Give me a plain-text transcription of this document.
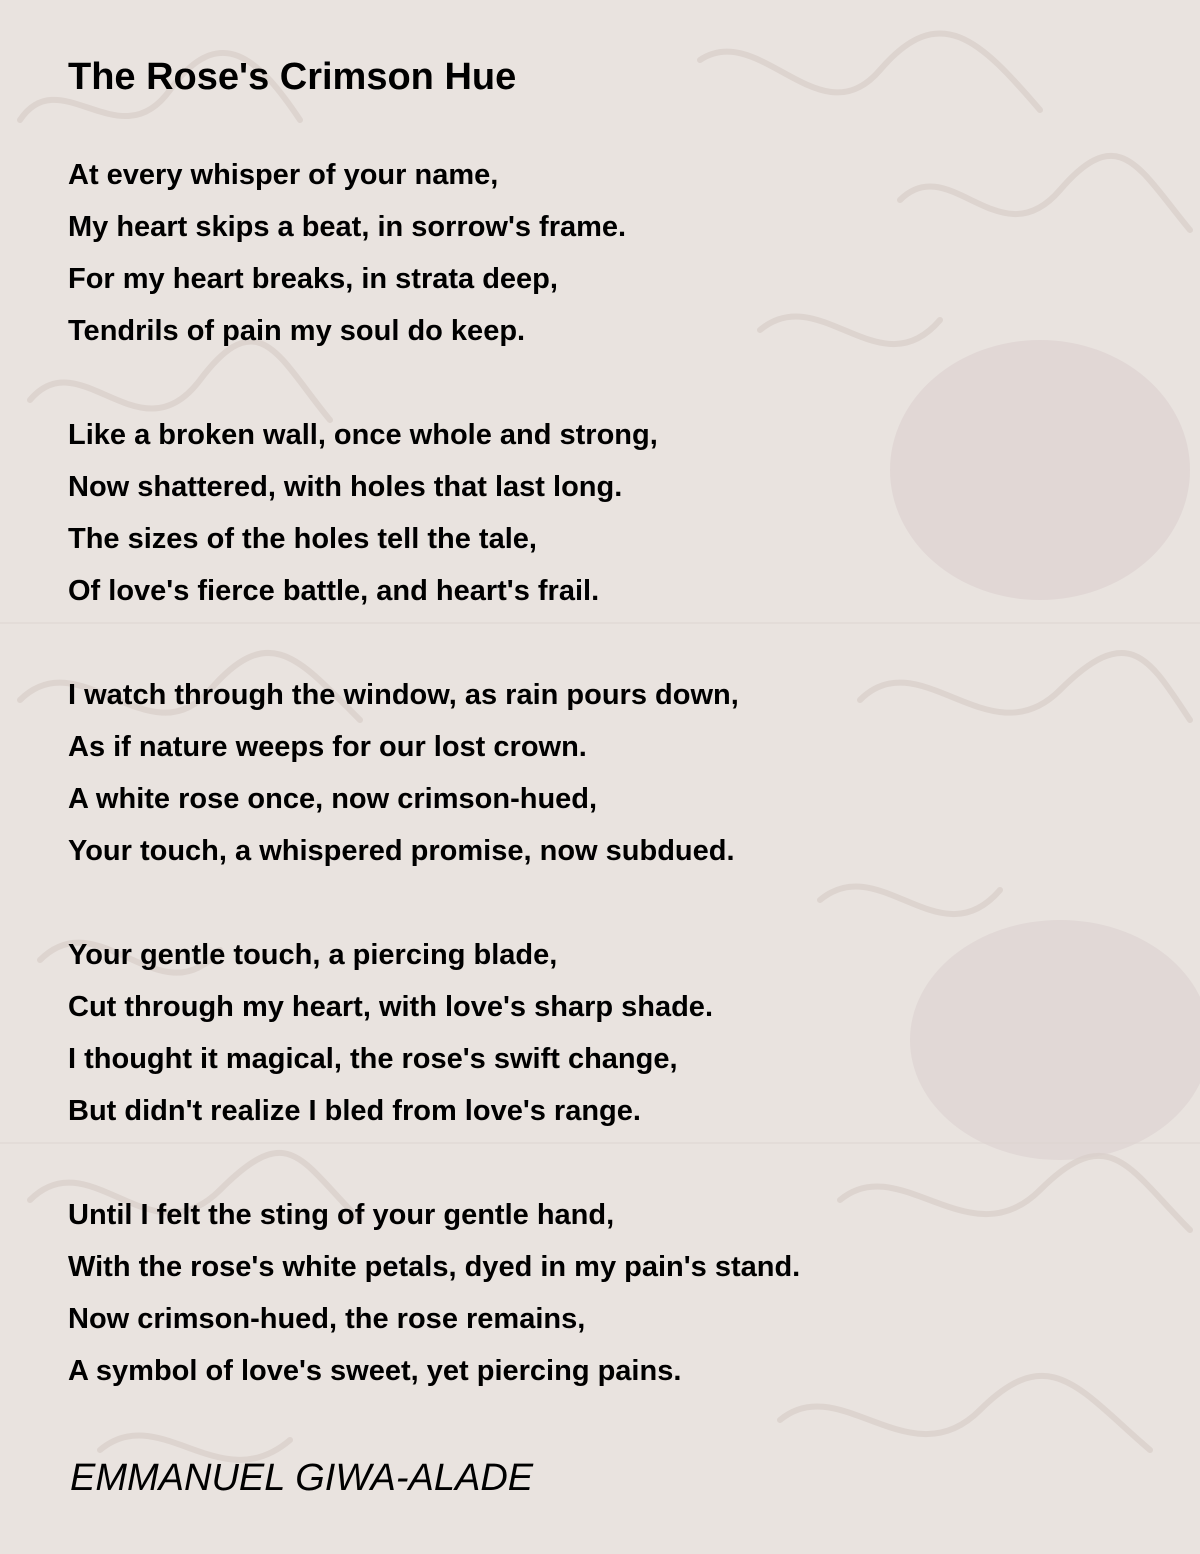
The Rose's Crimson Hue
At every whisper of your name,
My heart skips a beat, in sorrow's frame.
For my heart breaks, in strata deep,
Tendrils of pain my soul do keep.
Like a broken wall, once whole and strong,
Now shattered, with holes that last long.
The sizes of the holes tell the tale,
Of love's fierce battle, and heart's frail.
I watch through the window, as rain pours down,
As if nature weeps for our lost crown.
A white rose once, now crimson-hued,
Your touch, a whispered promise, now subdued.
Your gentle touch, a piercing blade,
Cut through my heart, with love's sharp shade.
I thought it magical, the rose's swift change,
But didn't realize I bled from love's range.
Until I felt the sting of your gentle hand,
With the rose's white petals, dyed in my pain's stand.
Now crimson-hued, the rose remains,
A symbol of love's sweet, yet piercing pains.
EMMANUEL GIWA-ALADE
